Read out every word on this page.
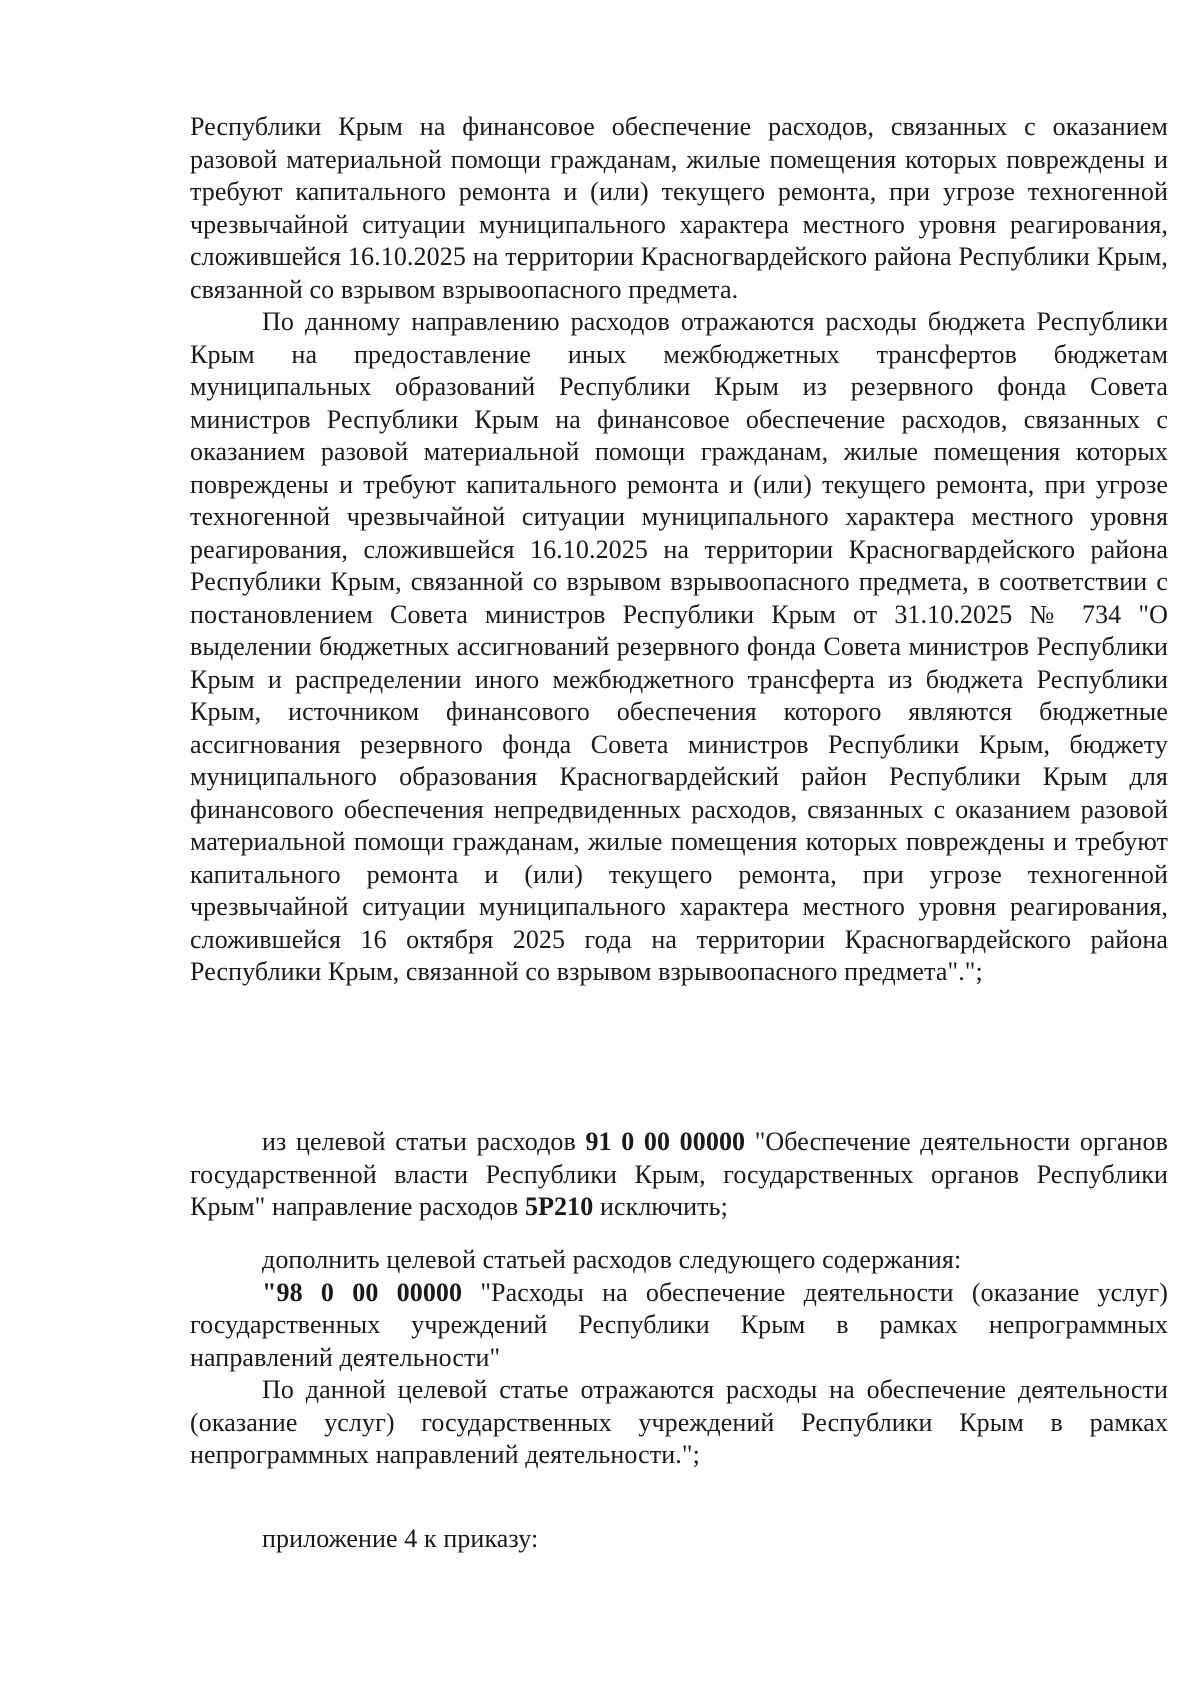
Республики Крым на финансовое обеспечение расходов, связанных с оказанием разовой материальной помощи гражданам, жилые помещения которых повреждены и требуют капитального ремонта и (или) текущего ремонта, при угрозе техногенной чрезвычайной ситуации муниципального характера местного уровня реагирования, сложившейся 16.10.2025 на территории Красногвардейского района Республики Крым, связанной со взрывом взрывоопасного предмета.

По данному направлению расходов отражаются расходы бюджета Республики Крым на предоставление иных межбюджетных трансфертов бюджетам муниципальных образований Республики Крым из резервного фонда Совета министров Республики Крым на финансовое обеспечение расходов, связанных с оказанием разовой материальной помощи гражданам, жилые помещения которых повреждены и требуют капитального ремонта и (или) текущего ремонта, при угрозе техногенной чрезвычайной ситуации муниципального характера местного уровня реагирования, сложившейся 16.10.2025 на территории Красногвардейского района Республики Крым, связанной со взрывом взрывоопасного предмета, в соответствии с постановлением Совета министров Республики Крым от 31.10.2025 № 734 "О выделении бюджетных ассигнований резервного фонда Совета министров Республики Крым и распределении иного межбюджетного трансферта из бюджета Республики Крым, источником финансового обеспечения которого являются бюджетные ассигнования резервного фонда Совета министров Республики Крым, бюджету муниципального образования Красногвардейский район Республики Крым для финансового обеспечения непредвиденных расходов, связанных с оказанием разовой материальной помощи гражданам, жилые помещения которых повреждены и требуют капитального ремонта и (или) текущего ремонта, при угрозе техногенной чрезвычайной ситуации муниципального характера местного уровня реагирования, сложившейся 16 октября 2025 года на территории Красногвардейского района Республики Крым, связанной со взрывом взрывоопасного предмета".";

из целевой статьи расходов 91 0 00 00000 "Обеспечение деятельности органов государственной власти Республики Крым, государственных органов Республики Крым" направление расходов 5Р210 исключить;

дополнить целевой статьей расходов следующего содержания:

"98 0 00 00000 "Расходы на обеспечение деятельности (оказание услуг) государственных учреждений Республики Крым в рамках непрограммных направлений деятельности"

По данной целевой статье отражаются расходы на обеспечение деятельности (оказание услуг) государственных учреждений Республики Крым в рамках непрограммных направлений деятельности.";

приложение 4 к приказу:
